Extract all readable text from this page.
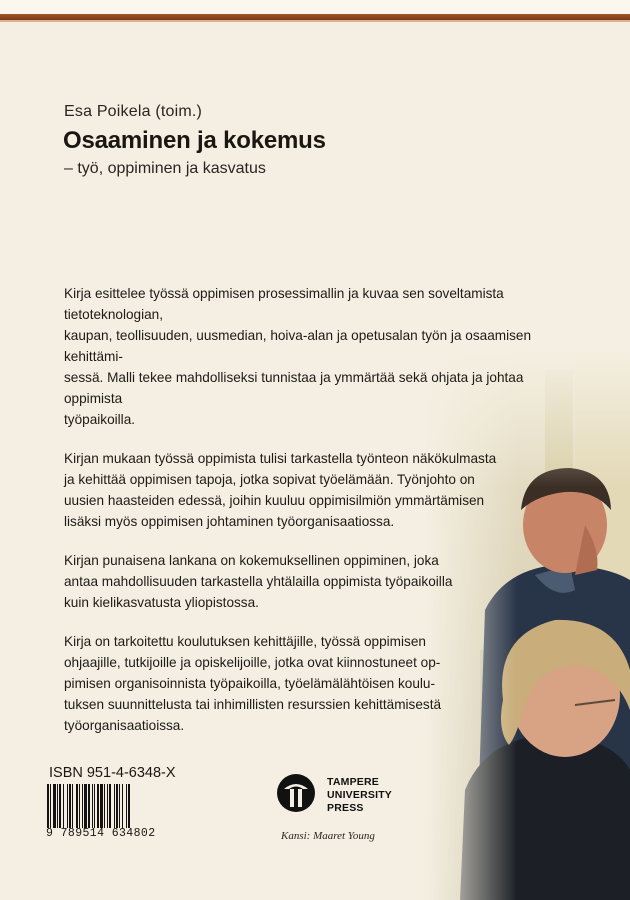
Esa Poikela (toim.)
Osaaminen ja kokemus
– työ, oppiminen ja kasvatus

Kirja esittelee työssä oppimisen prosessimallin ja kuvaa sen soveltamista tietoteknologian,
kaupan, teollisuuden, uusmedian, hoiva-alan ja opetusalan työn ja osaamisen kehittämi-
sessä. Malli tekee mahdolliseksi tunnistaa ja ymmärtää sekä ohjata ja johtaa oppimista
työpaikoilla.

Kirjan mukaan työssä oppimista tulisi tarkastella työnteon näkökulmasta
ja kehittää oppimisen tapoja, jotka sopivat työelämään. Työnjohto on
uusien haasteiden edessä, joihin kuuluu oppimisilmiön ymmärtämisen
lisäksi myös oppimisen johtaminen työorganisaatiossa.

Kirjan punaisena lankana on kokemuksellinen oppiminen, joka
antaa mahdollisuuden tarkastella yhtälailla oppimista työpaikoilla
kuin kielikasvatusta yliopistossa.

Kirja on tarkoitettu koulutuksen kehittäjille, työssä oppimisen
ohjaajille, tutkijoille ja opiskelijoille, jotka ovat kiinnostuneet op-
pimisen organisoinnista työpaikoilla, työelämälähtöisen koulu-
tuksen suunnittelusta tai inhimillisten resurssien kehittämisestä
työorganisaatioissa.

ISBN 951-4-6348-X
9 789514 634802
TAMPERE
UNIVERSITY
PRESS
Kansi: Maaret Young
